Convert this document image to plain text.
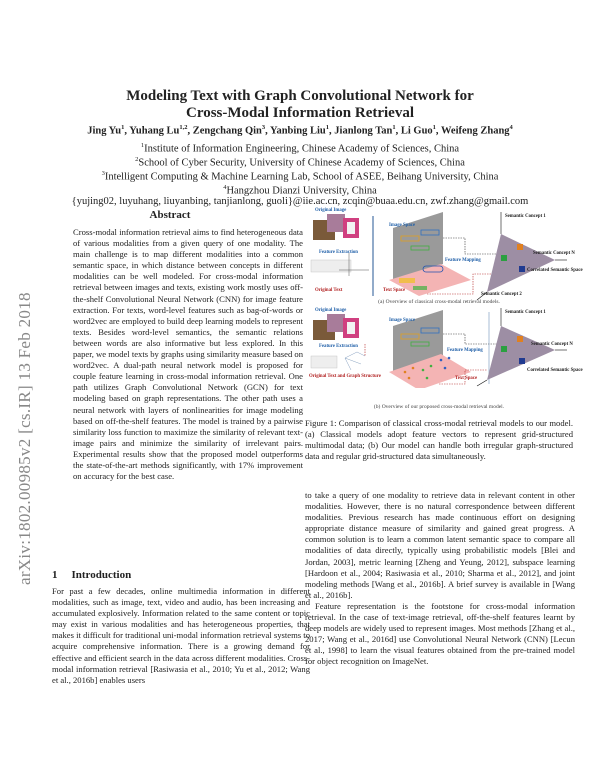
arXiv:1802.00985v2 [cs.IR] 13 Feb 2018
Modeling Text with Graph Convolutional Network for
Cross-Modal Information Retrieval
Jing Yu$^1$, Yuhang Lu$^{1,2}$, Zengchang Qin$^3$, Yanbing Liu$^1$, Jianlong Tan$^1$, Li Guo$^1$, Weifeng Zhang$^4$
$^1$Institute of Information Engineering, Chinese Academy of Sciences, China
$^2$School of Cyber Security, University of Chinese Academy of Sciences, China
$^3$Intelligent Computing & Machine Learning Lab, School of ASEE, Beihang University, China
$^4$Hangzhou Dianzi University, China
{yujing02, luyuhang, liuyanbing, tanjianlong, guoli}@iie.ac.cn, zcqin@buaa.edu.cn, zwf.zhang@gmail.com
Abstract
Cross-modal information retrieval aims to find heterogeneous data of various modalities from a given query of one modality. The main challenge is to map different modalities into a common semantic space, in which distance between concepts in different modalities can be well modeled. For cross-modal information retrieval between images and texts, existing work mostly uses off-the-shelf Convolutional Neural Network (CNN) for image feature extraction. For texts, word-level features such as bag-of-words or word2vec are employed to build deep learning models to represent texts. Besides word-level semantics, the semantic relations between words are also informative but less explored. In this paper, we model texts by graphs using similarity measure based on word2vec. A dual-path neural network model is proposed for couple feature learning in cross-modal information retrieval. One path utilizes Graph Convolutional Network (GCN) for text modeling based on graph representations. The other path uses a neural network with layers of nonlinearities for image modeling based on off-the-shelf features. The model is trained by a pairwise similarity loss function to maximize the similarity of relevant text-image pairs and minimize the similarity of irrelevant pairs. Experimental results show that the proposed model outperforms the state-of-the-art methods significantly, with 17% improvement on accuracy for the best case.
1 Introduction
For past a few decades, online multimedia information in different modalities, such as image, text, video and audio, has been increasing and accumulated explosively. Information related to the same content or topic may exist in various modalities and has heterogeneous properties, that makes it difficult for traditional uni-modal information retrieval systems to acquire comprehensive information. There is a growing demand for effective and efficient search in the data across different modalities. Cross-modal information retrieval [Rasiwasia et al., 2010; Yu et al., 2012; Wang et al., 2016b] enables users
Original Image
Feature Extraction
Original Text
Image Space
Text Space
Feature Mapping
Semantic Concept 1
Correlated Semantic Space
Semantic Concept 2
Semantic Concept N
(a) Overview of classical cross-modal retrieval models.
Original Image
Feature Extraction
Original Text and Graph Structure
Image Space
Text Space
Feature Mapping
Semantic Concept 1
Correlated Semantic Space
Semantic Concept N
(b) Overview of our proposed cross-modal retrieval model.
Figure 1: Comparison of classical cross-modal retrieval models to our model. (a) Classical models adopt feature vectors to represent grid-structured multimodal data; (b) Our model can handle both irregular graph-structured data and regular grid-structured data simultaneously.
to take a query of one modality to retrieve data in relevant content in other modalities. However, there is no natural correspondence between different modalities. Previous research has made continuous effort on designing appropriate distance measure of similarity and gained great progress. A common solution is to learn a common latent semantic space to compare all modalities of data directly, typically using probabilistic models [Blei and Jordan, 2003], metric learning [Zheng and Yeung, 2012], subspace learning [Hardoon et al., 2004; Rasiwasia et al., 2010; Sharma et al., 2012], and joint modeling methods [Wang et al., 2016b]. A brief survey is available in [Wang et al., 2016b].
Feature representation is the footstone for cross-modal information retrieval. In the case of text-image retrieval, off-the-shelf features learnt by deep models are widely used to represent images. Most methods [Zhang et al., 2017; Wang et al., 2016d] use Convolutional Neural Network (CNN) [Lecun et al., 1998] to learn the visual features obtained from the pre-trained model for object recognition on ImageNet.
